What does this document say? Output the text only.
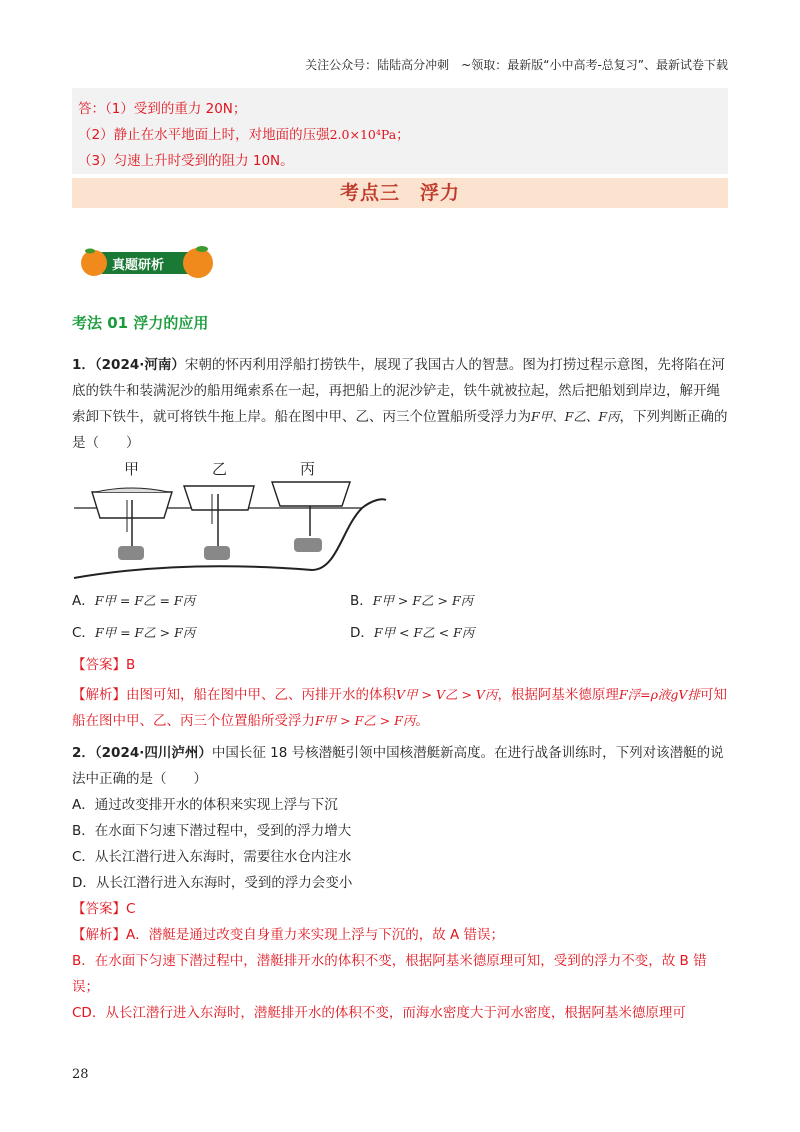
关注公众号：陆陆高分冲刺　~领取：最新版“小中高考-总复习”、最新试卷下载

答：（1）受到的重力 20N；

（2）静止在水平地面上时，对地面的压强2.0×10⁴Pa；

（3）匀速上升时受到的阻力 10N。

考点三　浮力
真题研析
考法 01 浮力的应用
1．（2024·河南）宋朝的怀丙利用浮船打捞铁牛，展现了我国古人的智慧。图为打捞过程示意图，先将陷在河底的铁牛和装满泥沙的船用绳索系在一起，再把船上的泥沙铲走，铁牛就被拉起，然后把船划到岸边，解开绳索卸下铁牛，就可将铁牛拖上岸。船在图中甲、乙、丙三个位置船所受浮力为F甲、F乙、F丙，下列判断正确的是（　　）
甲	乙	丙
A．F甲 = F乙 = F丙	B．F甲 > F乙 > F丙
C．F甲 = F乙 > F丙	D．F甲 < F乙 < F丙
【答案】B
【解析】由图可知，船在图中甲、乙、丙排开水的体积V甲 > V乙 > V丙，根据阿基米德原理F浮=ρ液gV排可知
船在图中甲、乙、丙三个位置船所受浮力F甲 > F乙 > F丙。
2．（2024·四川泸州）中国长征 18 号核潜艇引领中国核潜艇新高度。在进行战备训练时，下列对该潜艇的说法中正确的是（　　）
A．通过改变排开水的体积来实现上浮与下沉
B．在水面下匀速下潜过程中，受到的浮力增大
C．从长江潜行进入东海时，需要往水仓内注水
D．从长江潜行进入东海时，受到的浮力会变小
【答案】C
【解析】A．潜艇是通过改变自身重力来实现上浮与下沉的，故 A 错误；
B．在水面下匀速下潜过程中，潜艇排开水的体积不变，根据阿基米德原理可知，受到的浮力不变，故 B 错误；
CD．从长江潜行进入东海时，潜艇排开水的体积不变，而海水密度大于河水密度，根据阿基米德原理可
28
